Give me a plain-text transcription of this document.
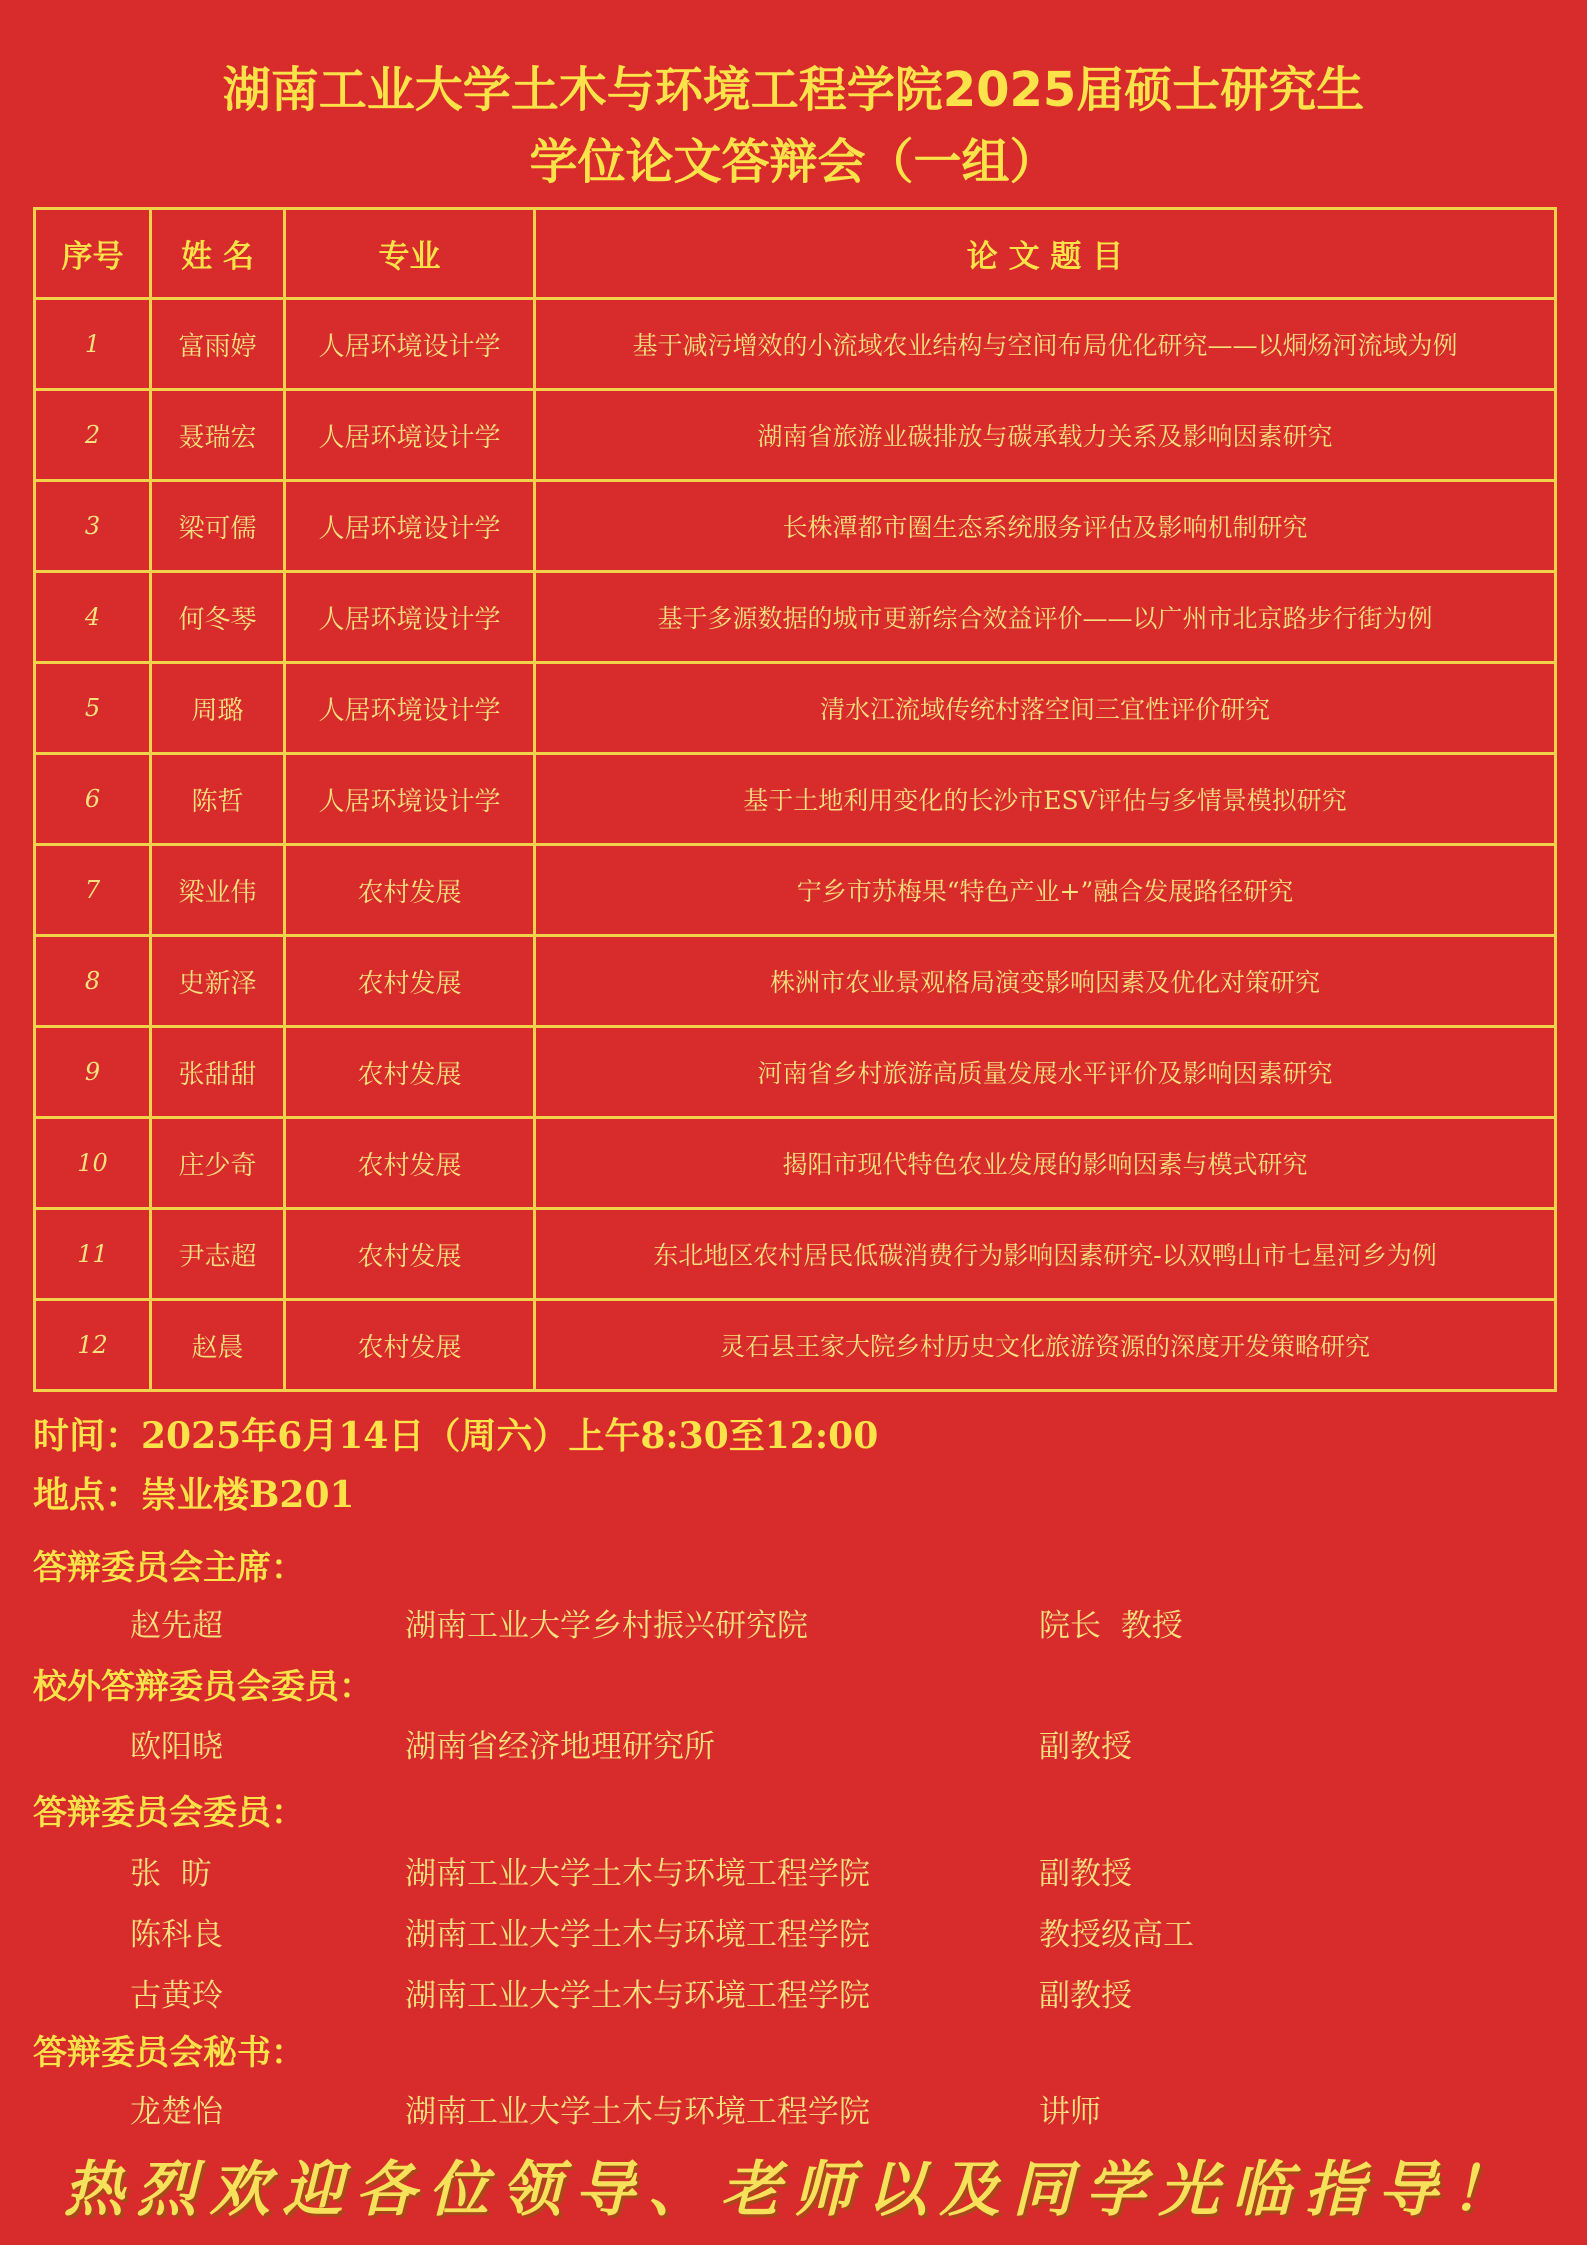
湖南工业大学土木与环境工程学院2025届硕士研究生
学位论文答辩会（一组）
序号	姓 名	专业	论 文 题 目
1	富雨婷	人居环境设计学	基于减污增效的小流域农业结构与空间布局优化研究——以烔炀河流域为例
2	聂瑞宏	人居环境设计学	湖南省旅游业碳排放与碳承载力关系及影响因素研究
3	梁可儒	人居环境设计学	长株潭都市圈生态系统服务评估及影响机制研究
4	何冬琴	人居环境设计学	基于多源数据的城市更新综合效益评价——以广州市北京路步行街为例
5	周璐	人居环境设计学	清水江流域传统村落空间三宜性评价研究
6	陈哲	人居环境设计学	基于土地利用变化的长沙市ESV评估与多情景模拟研究
7	梁业伟	农村发展	宁乡市苏梅果“特色产业+”融合发展路径研究
8	史新泽	农村发展	株洲市农业景观格局演变影响因素及优化对策研究
9	张甜甜	农村发展	河南省乡村旅游高质量发展水平评价及影响因素研究
10	庄少奇	农村发展	揭阳市现代特色农业发展的影响因素与模式研究
11	尹志超	农村发展	东北地区农村居民低碳消费行为影响因素研究-以双鸭山市七星河乡为例
12	赵晨	农村发展	灵石县王家大院乡村历史文化旅游资源的深度开发策略研究
时间：2025年6月14日（周六）上午8:30至12:00
地点：崇业楼B201
答辩委员会主席：
赵先超	湖南工业大学乡村振兴研究院	院长  教授
校外答辩委员会委员：
欧阳晓	湖南省经济地理研究所	副教授
答辩委员会委员：
张  昉	湖南工业大学土木与环境工程学院	副教授
陈科良	湖南工业大学土木与环境工程学院	教授级高工
古黄玲	湖南工业大学土木与环境工程学院	副教授
答辩委员会秘书：
龙楚怡	湖南工业大学土木与环境工程学院	讲师
热烈欢迎各位领导、老师以及同学光临指导！
